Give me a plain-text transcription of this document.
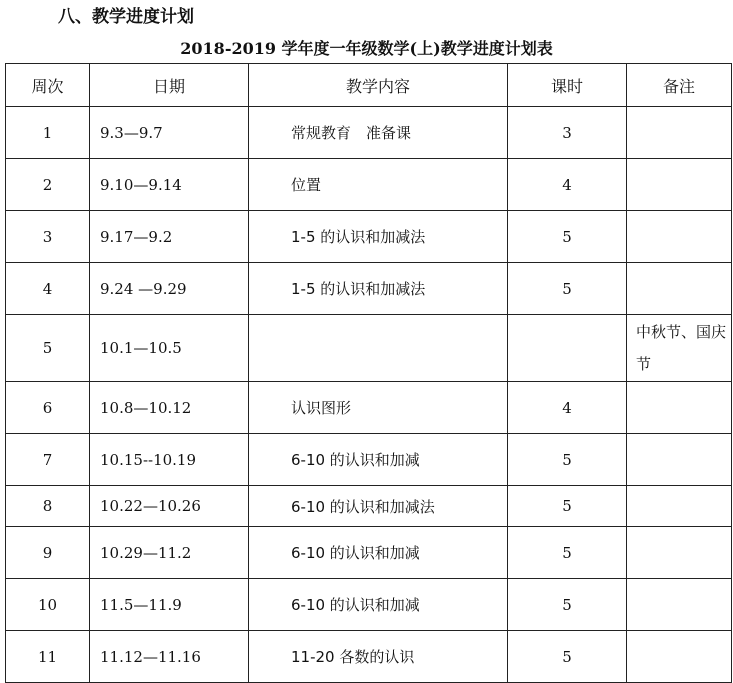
八、教学进度计划
2018-2019 学年度一年级数学(上)教学进度计划表
周次	日期	教学内容	课时	备注
1	9.3—9.7	常规教育　准备课	3	
2	9.10—9.14	位置	4	
3	9.17—9.2	1-5 的认识和加减法	5	
4	9.24 —9.29	1-5 的认识和加减法	5	
5	10.1—10.5			中秋节、国庆节
6	10.8—10.12	认识图形	4	
7	10.15--10.19	6-10 的认识和加减	5	
8	10.22—10.26	6-10 的认识和加减法	5	
9	10.29—11.2	6-10 的认识和加减	5	
10	11.5—11.9	6-10 的认识和加减	5	
11	11.12—11.16	11-20 各数的认识	5	
